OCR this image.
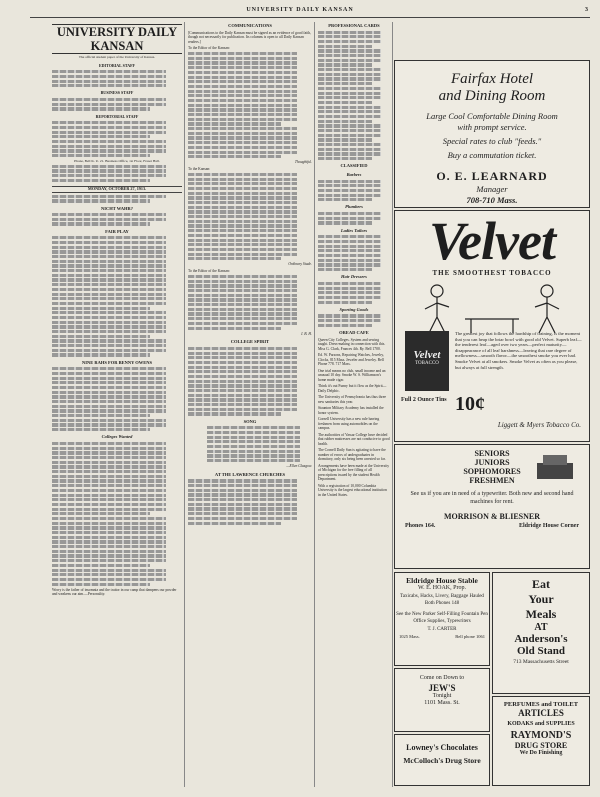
UNIVERSITY DAILY KANSAN	3
UNIVERSITY DAILY KANSAN
The official student paper of the University of Kansas.
EDITORIAL STAFF
BUSINESS STAFF
REPORTORIAL STAFF
Phone, Bell K. U. 21. Business Office, 1st Floor, Fraser Hall.
MONDAY, OCTOBER 27, 1913.
NICHT WAHR?
FAIR PLAY
NINE RAHS FOR BENNY OWENS
Colleges Wanted
Worry is the father of insomnia and the traitor in our camp that dampens our powder and weakens our aim.—Personality.
COMMUNICATIONS
[Communications to the Daily Kansan must be signed as an evidence of good faith, though not necessarily for publication. Its columns is open to all Daily Kansan readers.]
To the Editor of the Kansan:
Thoughtful.
To the Kansan:
Ordinary Stude.
To the Editor of the Kansan:
I. B. H.
COLLEGE SPIRIT
SONG
—Ellen Glasgow.
AT THE LAWRENCE CHURCHES
PROFESSIONAL CARDS
CLASSIFIED
Barbers
Plumbers
Ladies Tailors
Hair Dressers
Sporting Goods
OREAD CAFE
Queen City Colleges. System and sewing taught. Dress-making in connection with this. Miss G. Clark, Frances 4th. Ry. Bell 1700.
Ed. W. Parsons, Repairing Watches, Jewelry, Clocks, 815 Mass. Jeweler and Jewelry. Bell Phone 778. 717 Mass.
One trial means no club, small income and an unusual 10 day. Smoke W. S. Williamson's home made cigar.
Think it's out Funny but it flow as the Spirit—Daily Delphic.
The University of Pennsylvania has thus three new sanitaries this year.
Staunton Military Academy has installed the honor system.
Cornell University has a new rule barring freshmen from using automobiles on the campus.
The authorities of Vassar College have decided that rubber mattresses are not conducive to good health.
The Cornell Daily Sun is agitating to have the number of errors of undergraduates in dormitory, only six being been arrested so far.
Arrangements have been made at the University of Michigan for the free filling of all prescriptions issued by the student Health Department.
With a registration of 10,000 Columbia University is the largest educational institution in the United States.
Fairfax Hotel
and Dining Room
Large Cool Comfortable Dining Room
with prompt service.
Special rates to club "feeds."
Buy a commutation ticket.
O. E. LEARNARD
Manager
708-710 Mass.
Velvet
THE SMOOTHEST TOBACCO
Velvet
TOBACCO
The greatest joy that follows the hardship of training, is the moment that you can heap the briar bowl with good old Velvet. Superb leaf—the tenderest leaf—aged over two years—perfect maturity—disappearance of all leaf harshness—leaving that rare degree of mellowness—smooth flavor—the smoothest smoke you ever had. Smoke Velvet at all smokers. Smoke Velvet as often as you please, but always at full strength.
Full 2 Ounce Tins 10¢
Liggett & Myers Tobacco Co.
SENIORS
JUNIORS
SOPHOMORES
FRESHMEN
See us if you are in need of a typewriter. Both new and second hand machines for rent.
MORRISON & BLIESNER
Phones 164.	Eldridge House Corner
Eldridge House Stable
W. E. HOAK, Prop.
Taxicabs, Hacks, Livery, Baggage Hauled
Both Phones 148
See the New Parker Self-Filling Fountain Pen
Office Supplies, Typewriters
T. J. CARTER
1025 Mass.	Bell phone 1061
Come on Down to
JEW'S
Tonight
1101 Mass. St.
Lowney's Chocolates
McColloch's Drug Store
Eat
Your
Meals
AT
Anderson's
Old Stand
713 Massachusetts Street
PERFUMES and TOILET
ARTICLES
KODAKS and SUPPLIES
RAYMOND'S
DRUG STORE
We Do Finishing
